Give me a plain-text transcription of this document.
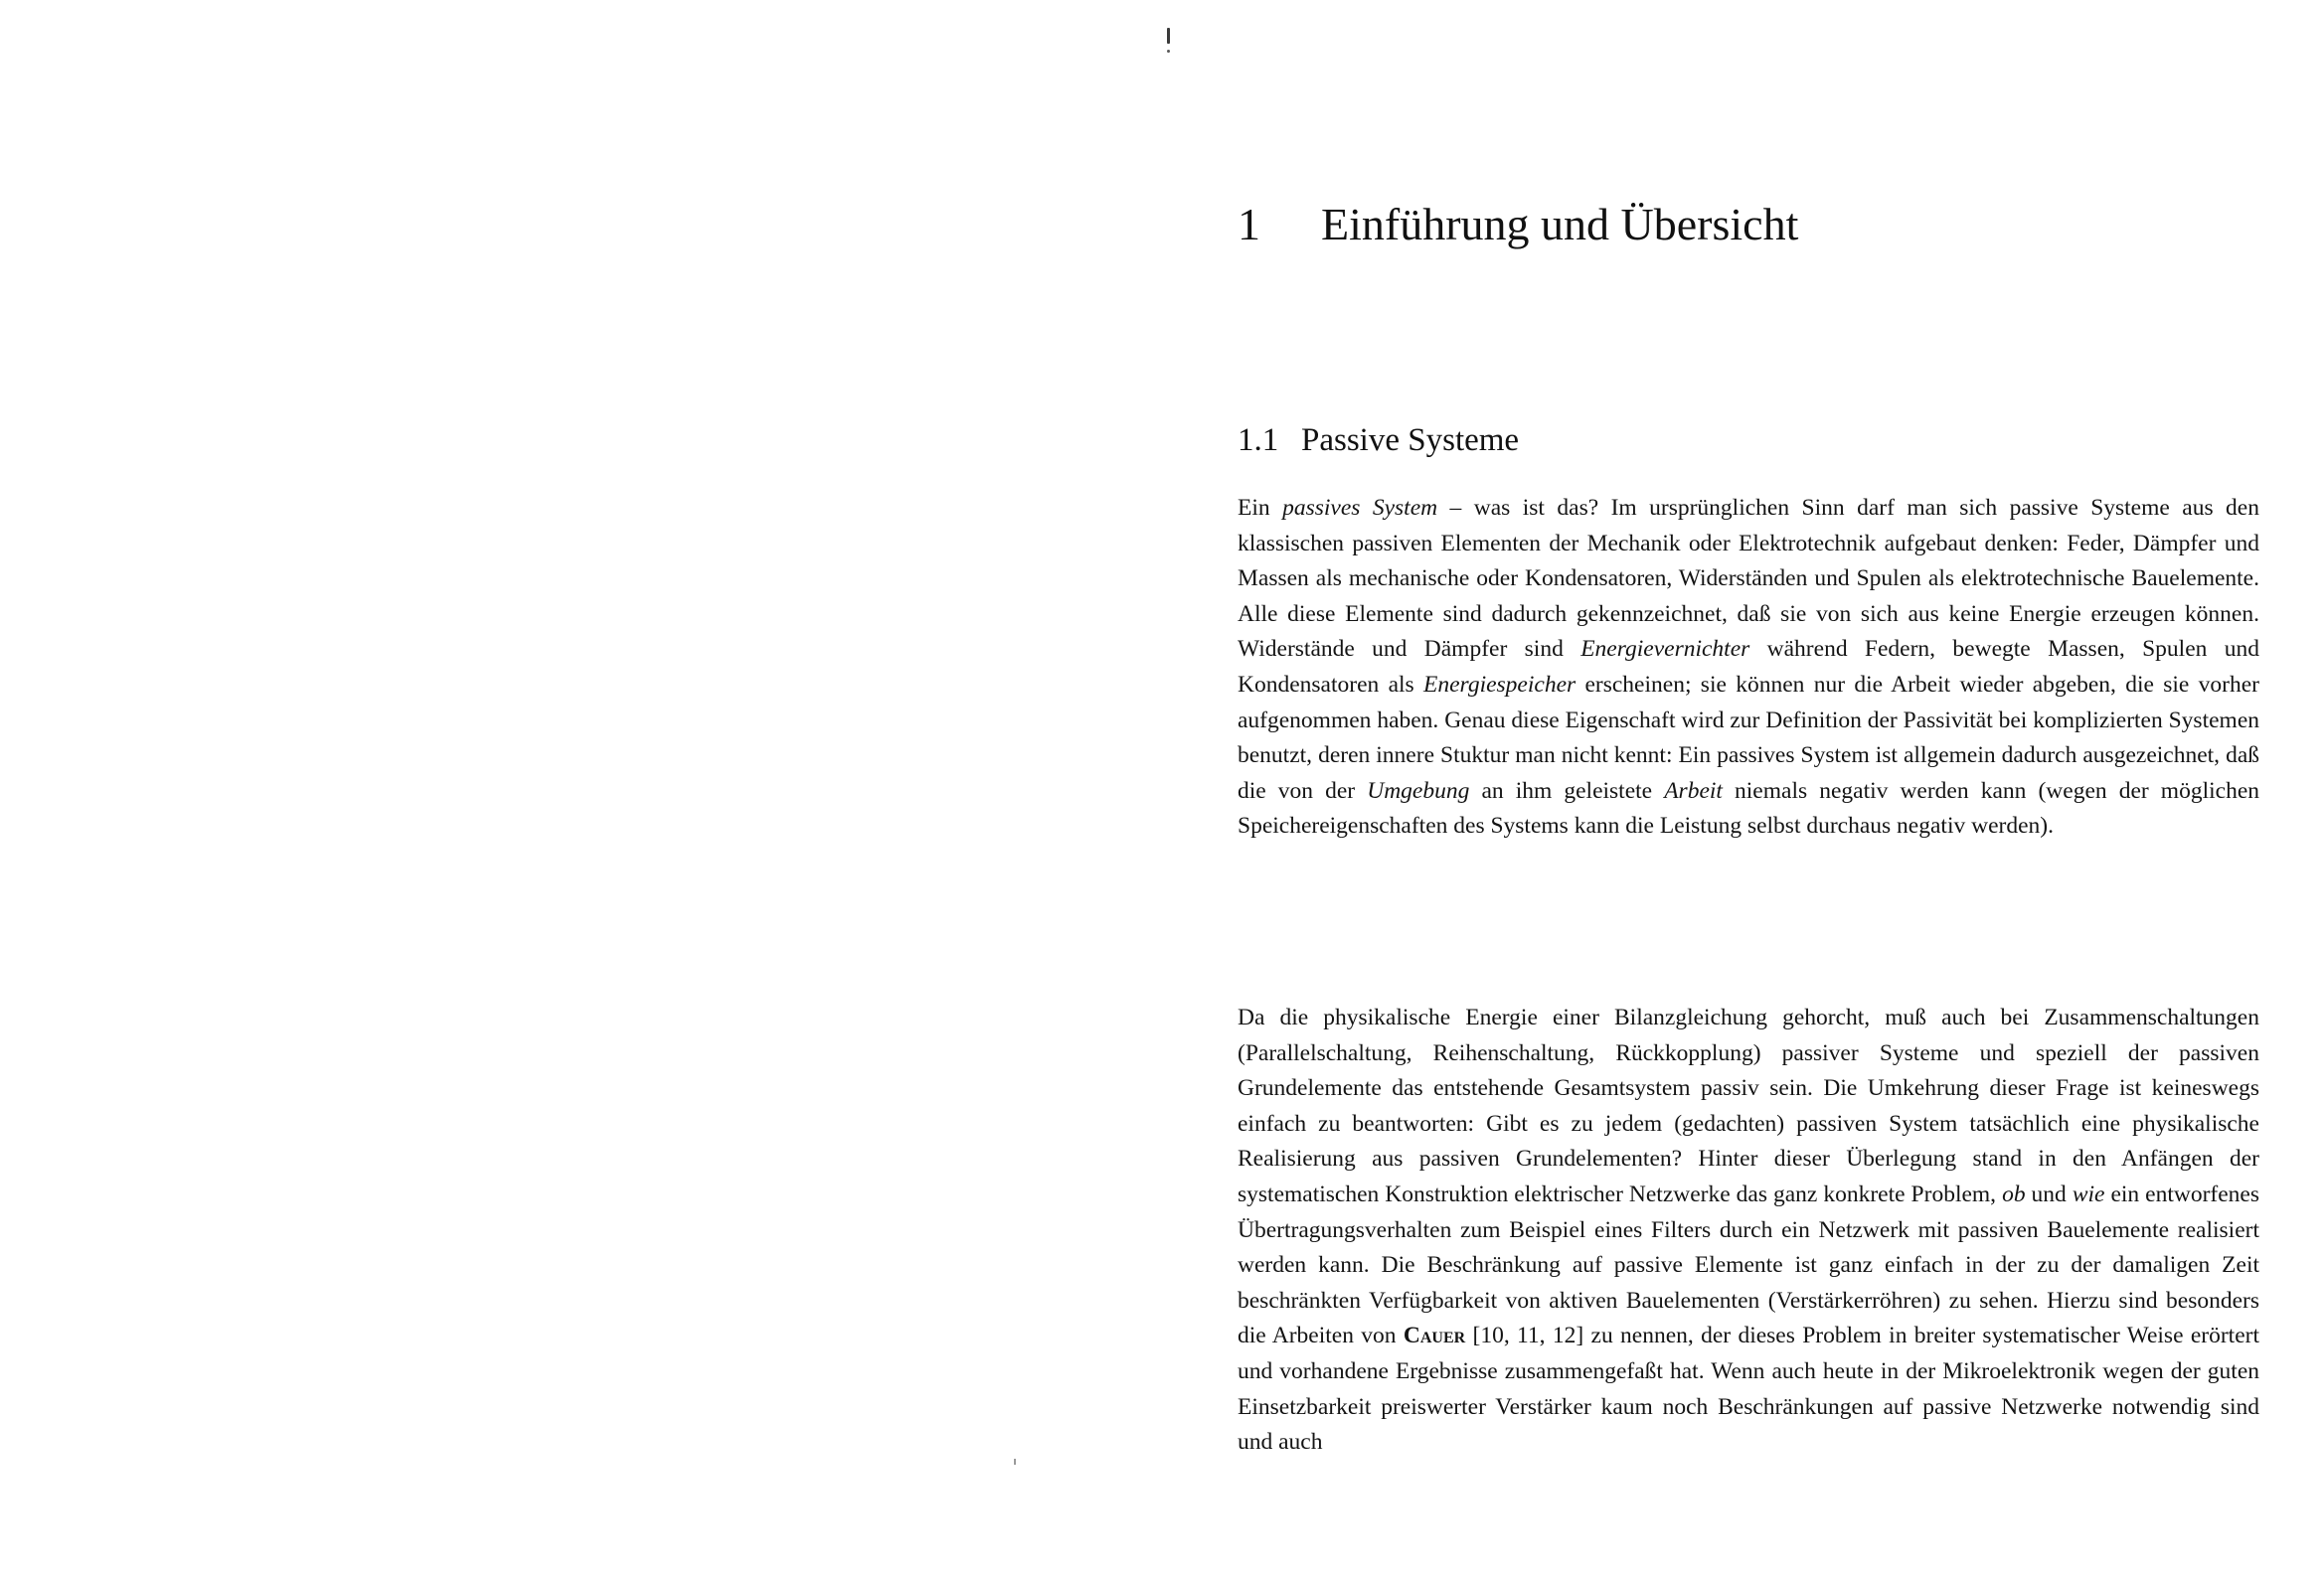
1 Einführung und Übersicht
1.1 Passive Systeme

Ein passives System – was ist das? Im ursprünglichen Sinn darf man sich passive Systeme aus den klassischen passiven Elementen der Mechanik oder Elektrotechnik aufgebaut denken: Feder, Dämpfer und Massen als mechanische oder Kondensatoren, Widerständen und Spulen als elektrotechnische Bauelemente. Alle diese Elemente sind dadurch gekennzeichnet, daß sie von sich aus keine Energie erzeugen können. Widerstände und Dämpfer sind Energievernichter während Federn, bewegte Massen, Spulen und Kondensatoren als Energiespeicher erscheinen; sie können nur die Arbeit wieder abgeben, die sie vorher aufgenommen haben. Genau diese Eigenschaft wird zur Definition der Passivität bei komplizierten Systemen benutzt, deren innere Stuktur man nicht kennt: Ein passives System ist allgemein dadurch ausgezeichnet, daß die von der Umgebung an ihm geleistete Arbeit niemals negativ werden kann (wegen der möglichen Speichereigenschaften des Systems kann die Leistung selbst durchaus negativ werden).

Da die physikalische Energie einer Bilanzgleichung gehorcht, muß auch bei Zusammenschaltungen (Parallelschaltung, Reihenschaltung, Rückkopplung) passiver Systeme und speziell der passiven Grundelemente das entstehende Gesamtsystem passiv sein. Die Umkehrung dieser Frage ist keineswegs einfach zu beantworten: Gibt es zu jedem (gedachten) passiven System tatsächlich eine physikalische Realisierung aus passiven Grundelementen? Hinter dieser Überlegung stand in den Anfängen der systematischen Konstruktion elektrischer Netzwerke das ganz konkrete Problem, ob und wie ein entworfenes Übertragungsverhalten zum Beispiel eines Filters durch ein Netzwerk mit passiven Bauelemente realisiert werden kann. Die Beschränkung auf passive Elemente ist ganz einfach in der zu der damaligen Zeit beschränkten Verfügbarkeit von aktiven Bauelementen (Verstärkerröhren) zu sehen. Hierzu sind besonders die Arbeiten von Cauer [10, 11, 12] zu nennen, der dieses Problem in breiter systematischer Weise erörtert und vorhandene Ergebnisse zusammengefaßt hat. Wenn auch heute in der Mikroelektronik wegen der guten Einsetzbarkeit preiswerter Verstärker kaum noch Beschränkungen auf passive Netzwerke notwendig sind und auch
